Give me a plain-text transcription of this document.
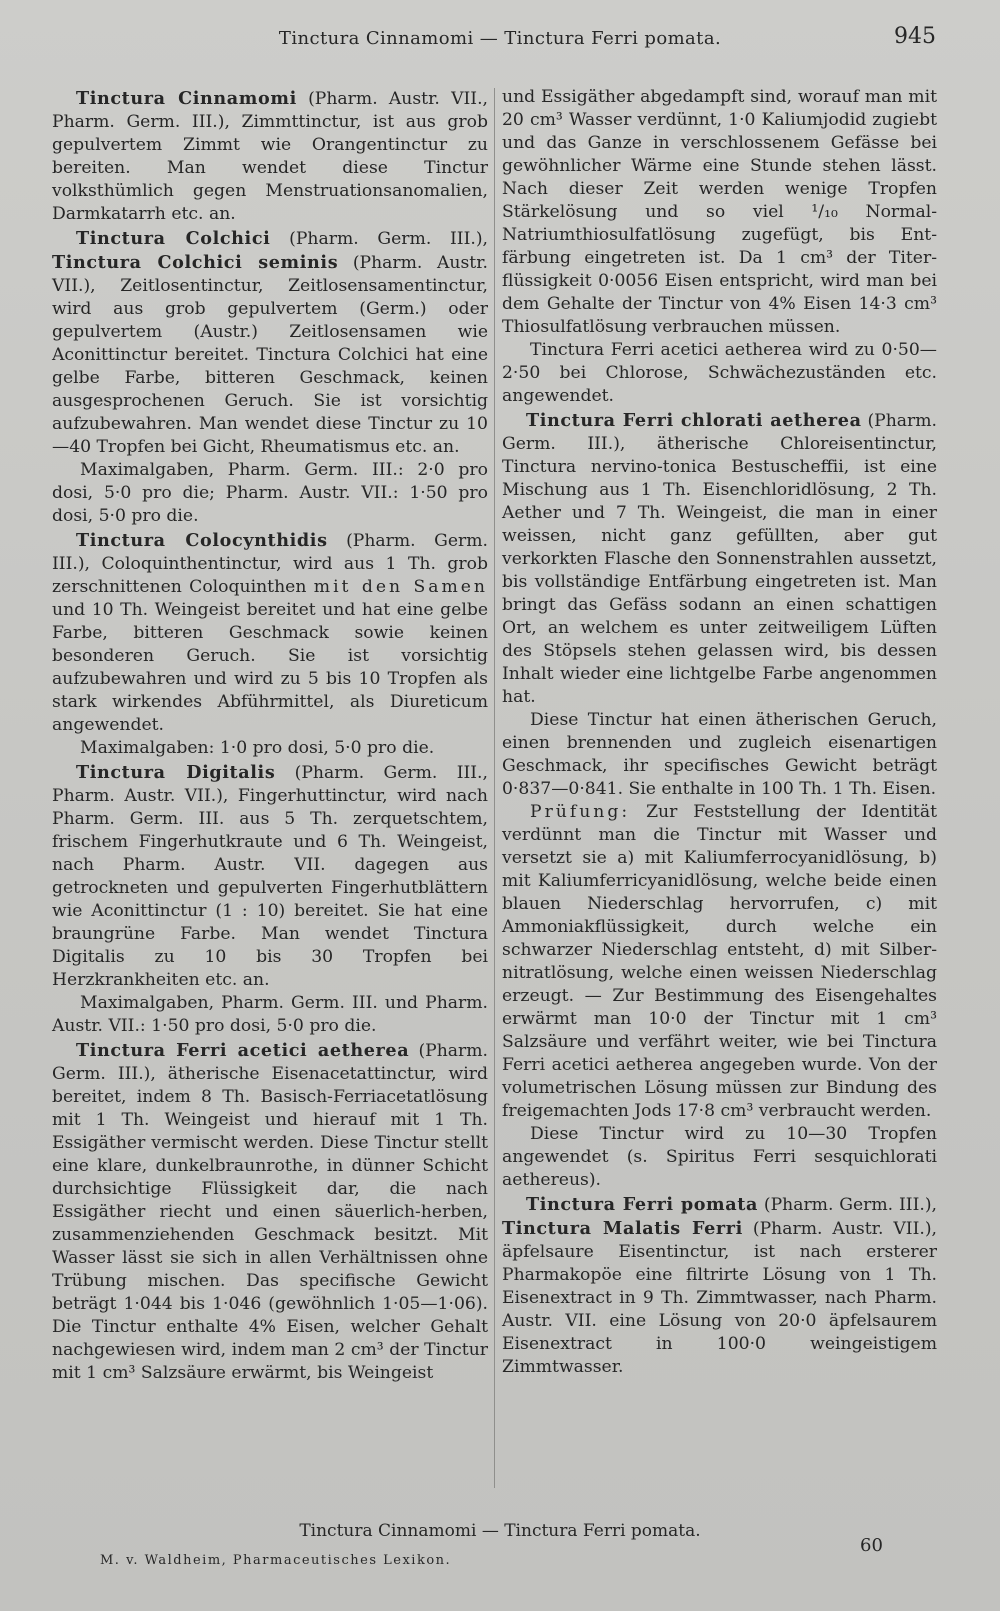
Tinctura Cinnamomi — Tinctura Ferri pomata.	945

Tinctura Cinnamomi (Pharm. Austr. VII., Pharm. Germ. III.), Zimmttinctur, ist aus grob gepulvertem Zimmt wie Orangentinctur zu bereiten. Man wendet diese Tinctur volksthümlich gegen Menstruationsanomalien, Darmkatarrh etc. an.

Tinctura Colchici (Pharm. Germ. III.), Tinctura Colchici seminis (Pharm. Austr. VII.), Zeitlosentinctur, Zeitlosensamentinctur, wird aus grob gepulvertem (Germ.) oder gepulvertem (Austr.) Zeitlosensamen wie Aconittinctur bereitet. Tinctura Colchici hat eine gelbe Farbe, bitteren Geschmack, keinen ausgesprochenen Geruch. Sie ist vorsichtig aufzubewahren. Man wendet diese Tinctur zu 10—40 Tropfen bei Gicht, Rheumatismus etc. an.

Maximalgaben, Pharm. Germ. III.: 2·0 pro dosi, 5·0 pro die; Pharm. Austr. VII.: 1·50 pro dosi, 5·0 pro die.

Tinctura Colocynthidis (Pharm. Germ. III.), Coloquinthentinctur, wird aus 1 Th. grob zerschnittenen Coloquinthen mit den Samen und 10 Th. Weingeist bereitet und hat eine gelbe Farbe, bitteren Geschmack sowie keinen besonderen Geruch. Sie ist vorsichtig aufzubewahren und wird zu 5 bis 10 Tropfen als stark wirkendes Abführmittel, als Diureticum angewendet.

Maximalgaben: 1·0 pro dosi, 5·0 pro die.

Tinctura Digitalis (Pharm. Germ. III., Pharm. Austr. VII.), Fingerhuttinctur, wird nach Pharm. Germ. III. aus 5 Th. zerquetschtem, frischem Fingerhutkraute und 6 Th. Weingeist, nach Pharm. Austr. VII. dagegen aus getrockneten und gepulverten Fingerhutblättern wie Aconittinctur (1 : 10) bereitet. Sie hat eine braungrüne Farbe. Man wendet Tinctura Digitalis zu 10 bis 30 Tropfen bei Herzkrankheiten etc. an.

Maximalgaben, Pharm. Germ. III. und Pharm. Austr. VII.: 1·50 pro dosi, 5·0 pro die.

Tinctura Ferri acetici aetherea (Pharm. Germ. III.), ätherische Eisenacetattinctur, wird bereitet, indem 8 Th. Basisch-Ferriacetatlösung mit 1 Th. Weingeist und hierauf mit 1 Th. Essigäther vermischt werden. Diese Tinctur stellt eine klare, dunkelbraunrothe, in dünner Schicht durchsichtige Flüssigkeit dar, die nach Essigäther riecht und einen säuerlich-herben, zusammenziehenden Geschmack besitzt. Mit Wasser lässt sie sich in allen Verhältnissen ohne Trübung mischen. Das specifische Gewicht beträgt 1·044 bis 1·046 (gewöhnlich 1·05—1·06). Die Tinctur enthalte 4% Eisen, welcher Gehalt nachgewiesen wird, indem man 2 cm³ der Tinctur mit 1 cm³ Salzsäure erwärmt, bis Weingeist

und Essigäther abgedampft sind, worauf man mit 20 cm³ Wasser verdünnt, 1·0 Kaliumjodid zugiebt und das Ganze in verschlossenem Gefässe bei gewöhnlicher Wärme eine Stunde stehen lässt. Nach dieser Zeit werden wenige Tropfen Stärkelösung und so viel ¹/₁₀ Normal-Natriumthiosulfatlösung zugefügt, bis Entfärbung eingetreten ist. Da 1 cm³ der Titerflüssigkeit 0·0056 Eisen entspricht, wird man bei dem Gehalte der Tinctur von 4% Eisen 14·3 cm³ Thiosulfatlösung verbrauchen müssen.

Tinctura Ferri acetici aetherea wird zu 0·50—2·50 bei Chlorose, Schwächezuständen etc. angewendet.

Tinctura Ferri chlorati aetherea (Pharm. Germ. III.), ätherische Chloreisentinctur, Tinctura nervino-tonica Bestuscheffii, ist eine Mischung aus 1 Th. Eisenchloridlösung, 2 Th. Aether und 7 Th. Weingeist, die man in einer weissen, nicht ganz gefüllten, aber gut verkorkten Flasche den Sonnenstrahlen aussetzt, bis vollständige Entfärbung eingetreten ist. Man bringt das Gefäss sodann an einen schattigen Ort, an welchem es unter zeitweiligem Lüften des Stöpsels stehen gelassen wird, bis dessen Inhalt wieder eine lichtgelbe Farbe angenommen hat.

Diese Tinctur hat einen ätherischen Geruch, einen brennenden und zugleich eisenartigen Geschmack, ihr specifisches Gewicht beträgt 0·837—0·841. Sie enthalte in 100 Th. 1 Th. Eisen.

Prüfung: Zur Feststellung der Identität verdünnt man die Tinctur mit Wasser und versetzt sie a) mit Kaliumferrocyanidlösung, b) mit Kaliumferricyanidlösung, welche beide einen blauen Niederschlag hervorrufen, c) mit Ammoniakflüssigkeit, durch welche ein schwarzer Niederschlag entsteht, d) mit Silbernitratlösung, welche einen weissen Niederschlag erzeugt. — Zur Bestimmung des Eisengehaltes erwärmt man 10·0 der Tinctur mit 1 cm³ Salzsäure und verfährt weiter, wie bei Tinctura Ferri acetici aetherea angegeben wurde. Von der volumetrischen Lösung müssen zur Bindung des freigemachten Jods 17·8 cm³ verbraucht werden.

Diese Tinctur wird zu 10—30 Tropfen angewendet (s. Spiritus Ferri sesquichlorati aethereus).

Tinctura Ferri pomata (Pharm. Germ. III.), Tinctura Malatis Ferri (Pharm. Austr. VII.), äpfelsaure Eisentinctur, ist nach ersterer Pharmakopöe eine filtrirte Lösung von 1 Th. Eisenextract in 9 Th. Zimmtwasser, nach Pharm. Austr. VII. eine Lösung von 20·0 äpfelsaurem Eisenextract in 100·0 weingeistigem Zimmtwasser.

Tinctura Cinnamomi — Tinctura Ferri pomata.
M. v. Waldheim, Pharmaceutisches Lexikon.
60
